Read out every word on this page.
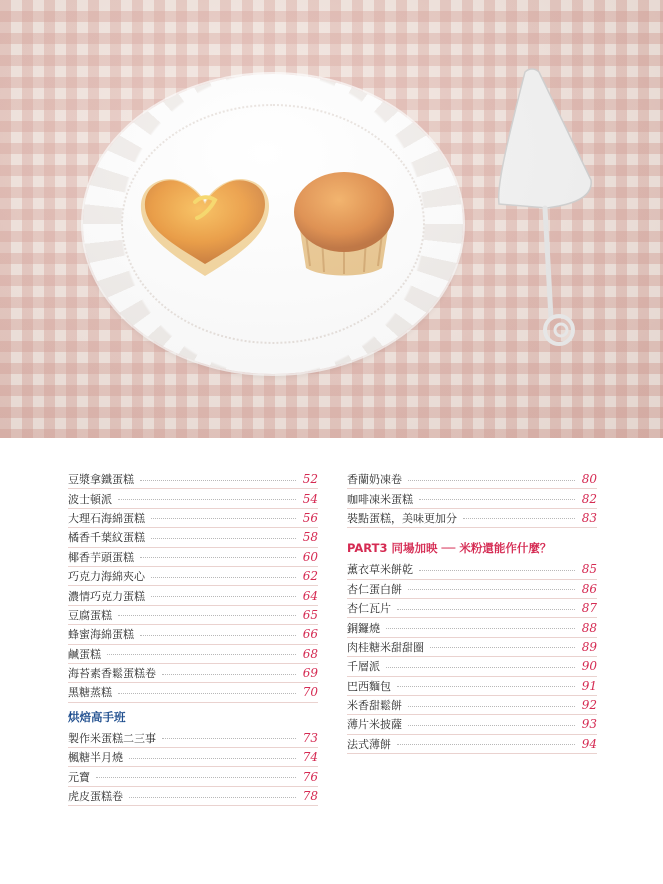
豆漿拿鐵蛋糕	52
波士頓派	54
大理石海綿蛋糕	56
橘香千葉紋蛋糕	58
椰香芋頭蛋糕	60
巧克力海綿夾心	62
濃情巧克力蛋糕	64
豆腐蛋糕	65
蜂蜜海綿蛋糕	66
鹹蛋糕	68
海苔素香鬆蛋糕卷	69
黑糖蒸糕	70
烘焙高手班
製作米蛋糕二三事	73
楓糖半月燒	74
元寶	76
虎皮蛋糕卷	78
香蘭奶凍卷	80
咖啡凍米蛋糕	82
裝點蛋糕，美味更加分	83
PART3 同場加映 ── 米粉還能作什麼？
薰衣草米餅乾	85
杏仁蛋白餅	86
杏仁瓦片	87
銅鑼燒	88
肉桂糖米甜甜圈	89
千層派	90
巴西麵包	91
米香甜鬆餅	92
薄片米披薩	93
法式薄餅	94
